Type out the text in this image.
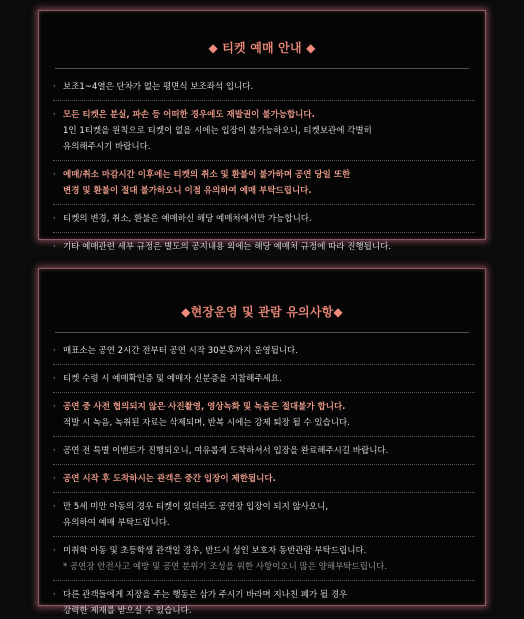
◆ 티켓 예매 안내 ◆
· 보조1~4열은 단차가 없는 평면식 보조좌석 입니다.
· 모든 티켓은 분실, 파손 등 어떠한 경우에도 재발권이 불가능합니다.
1인 1티켓을 원칙으로 티켓이 없을 시에는 입장이 불가능하오니, 티켓보관에 각별히
유의해주시기 바랍니다.
· 예매/취소 마감시간 이후에는 티켓의 취소 및 환불이 불가하며 공연 당일 또한
변경 및 환불이 절대 불가하오니 이점 유의하여 예매 부탁드립니다.
· 티켓의 변경, 취소, 환불은 예매하신 해당 예매처에서만 가능합니다.
· 기타 예매관련 세부 규정은 별도의 공지내용 외에는 해당 예매처 규정에 따라 진행됩니다.
◆현장운영 및 관람 유의사항◆
· 매표소는 공연 2시간 전부터 공연 시작 30분후까지 운영됩니다.
· 티켓 수령 시 예매확인증 및 예매자 신분증을 지참해주세요.
· 공연 중 사전 협의되지 않은 사진촬영, 영상녹화 및 녹음은 절대불가 합니다.
적발 시 녹음, 녹취된 자료는 삭제되며, 반복 시에는 강제 퇴장 될 수 있습니다.
· 공연 전 특별 이벤트가 진행되오니, 여유롭게 도착하셔서 입장을 완료해주시길 바랍니다.
· 공연 시작 후 도착하시는 관객은 중간 입장이 제한됩니다.
· 만 5세 미만 아동의 경우 티켓이 있더라도 공연장 입장이 되지 않사오니,
유의하여 예매 부탁드립니다.
· 미취학 아동 및 초등학생 관객일 경우, 반드시 성인 보호자 동반관람 부탁드립니다.
* 공연장 안전사고 예방 및 공연 분위기 조성을 위한 사항이오니 많은 양해부탁드립니다.
· 다른 관객들에게 지장을 주는 행동은 삼가 주시기 바라며 지나친 폐가 될 경우
강력한 제재를 받으실 수 있습니다.
